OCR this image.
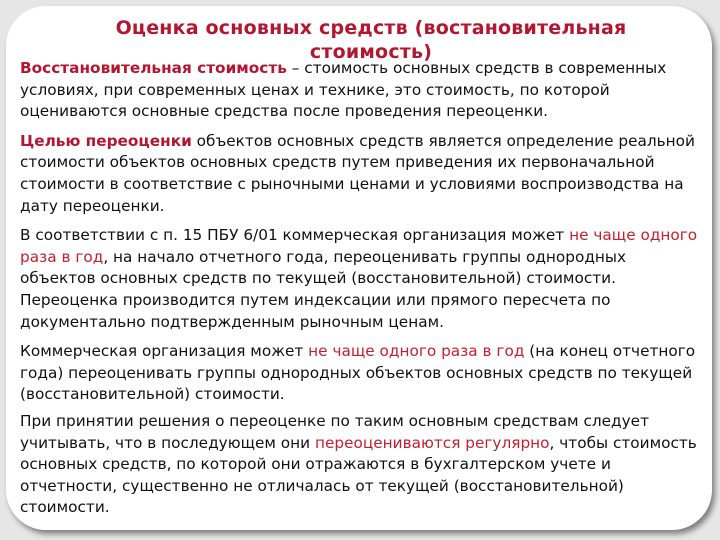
Оценка основных средств (востановительная стоимость)

Восстановительная стоимость – стоимость основных средств в современных условиях, при современных ценах и технике, это стоимость, по которой оцениваются основные средства после проведения переоценки.

Целью переоценки объектов основных средств является определение реальной стоимости объектов основных средств путем приведения их первоначальной стоимости в соответствие с рыночными ценами и условиями воспроизводства на дату переоценки.

В соответствии с п. 15 ПБУ 6/01 коммерческая организация может не чаще одного раза в год, на начало отчетного года, переоценивать группы однородных объектов основных средств по текущей (восстановительной) стоимости. Переоценка производится путем индексации или прямого пересчета по документально подтвержденным рыночным ценам.

Коммерческая организация может не чаще одного раза в год (на конец отчетного года) переоценивать группы однородных объектов основных средств по текущей (восстановительной) стоимости.

При принятии решения о переоценке по таким основным средствам следует учитывать, что в последующем они переоцениваются регулярно, чтобы стоимость основных средств, по которой они отражаются в бухгалтерском учете и отчетности, существенно не отличалась от текущей (восстановительной) стоимости.
